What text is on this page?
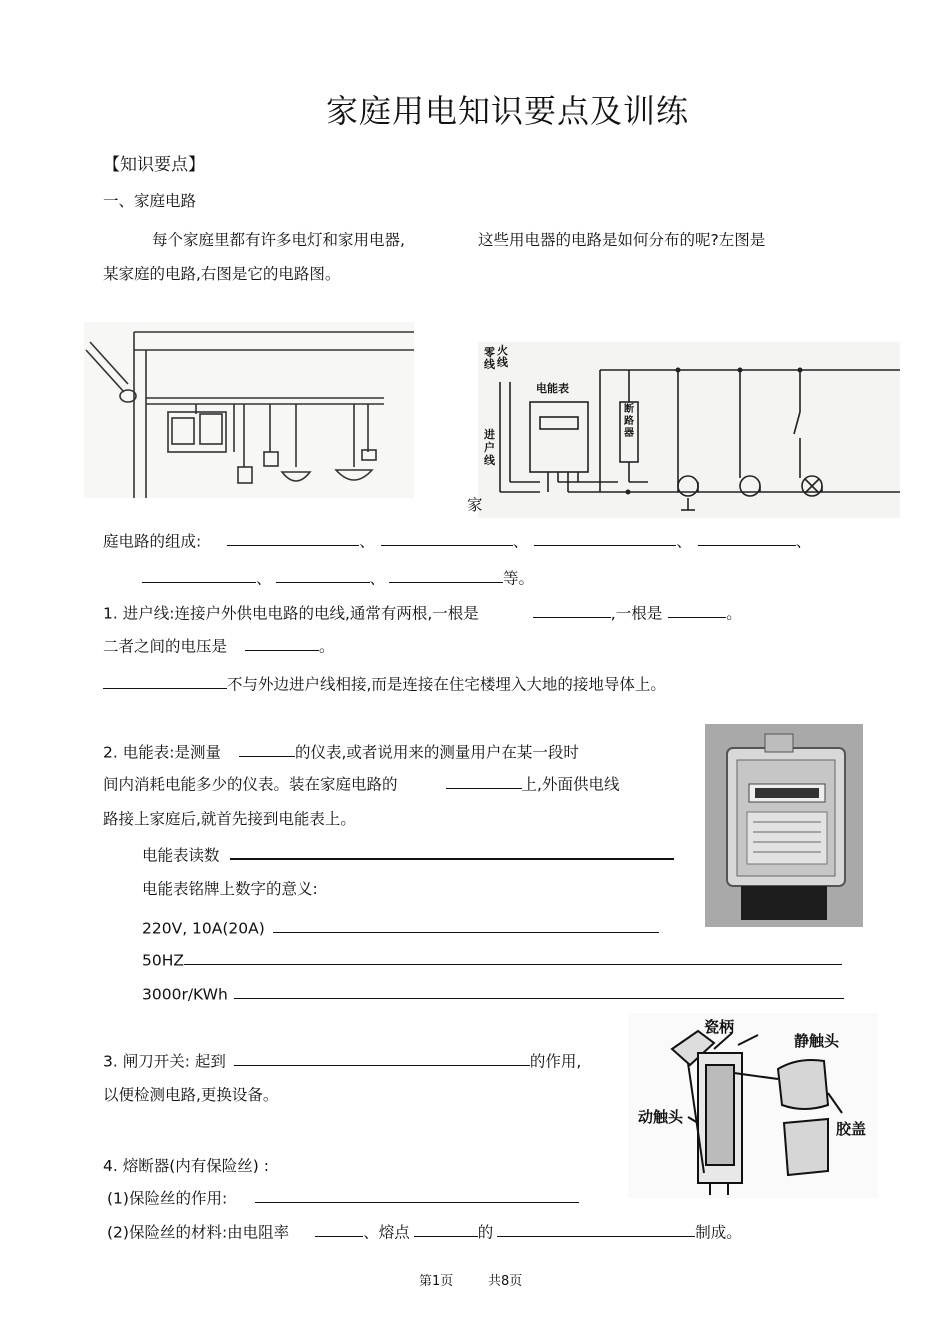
家庭用电知识要点及训练
【知识要点】
一、家庭电路
每个家庭里都有许多电灯和家用电器,	这些用电器的电路是如何分布的呢?左图是
某家庭的电路,右图是它的电路图。
零线
火线
电能表
断路器
进户线
家
庭电路的组成:	、	、	、	、
、	、	等。
1. 进户线:连接户外供电电路的电线,通常有两根,一根是	,一根是	。
二者之间的电压是	。
不与外边进户线相接,而是连接在住宅楼埋入大地的接地导体上。
2. 电能表:是测量	的仪表,或者说用来的测量用户在某一段时
间内消耗电能多少的仪表。装在家庭电路的	上,外面供电线
路接上家庭后,就首先接到电能表上。
电能表读数
电能表铭牌上数字的意义:
220V, 10A(20A)
50HZ
3000r/KWh
3. 闸刀开关: 起到	的作用,
以便检测电路,更换设备。
瓷柄
静触头
动触头
胶盖
4. 熔断器(内有保险丝) :
(1)保险丝的作用:
(2)保险丝的材料:由电阻率	、熔点	的	制成。
第1页	共8页
